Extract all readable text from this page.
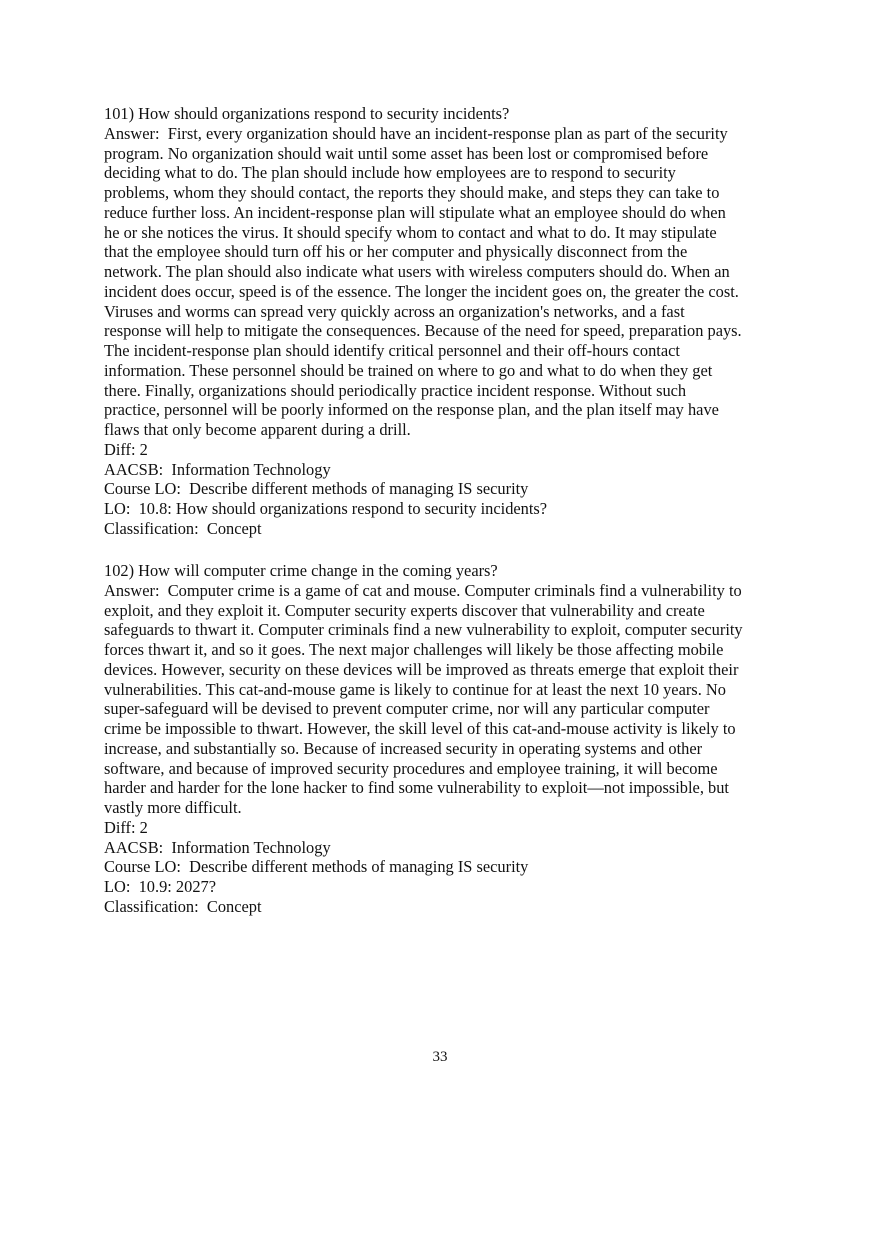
101) How should organizations respond to security incidents?
Answer:  First, every organization should have an incident-response plan as part of the security
program. No organization should wait until some asset has been lost or compromised before
deciding what to do. The plan should include how employees are to respond to security
problems, whom they should contact, the reports they should make, and steps they can take to
reduce further loss. An incident-response plan will stipulate what an employee should do when
he or she notices the virus. It should specify whom to contact and what to do. It may stipulate
that the employee should turn off his or her computer and physically disconnect from the
network. The plan should also indicate what users with wireless computers should do. When an
incident does occur, speed is of the essence. The longer the incident goes on, the greater the cost.
Viruses and worms can spread very quickly across an organization's networks, and a fast
response will help to mitigate the consequences. Because of the need for speed, preparation pays.
The incident-response plan should identify critical personnel and their off-hours contact
information. These personnel should be trained on where to go and what to do when they get
there. Finally, organizations should periodically practice incident response. Without such
practice, personnel will be poorly informed on the response plan, and the plan itself may have
flaws that only become apparent during a drill.
Diff: 2
AACSB:  Information Technology
Course LO:  Describe different methods of managing IS security
LO:  10.8: How should organizations respond to security incidents?
Classification:  Concept
102) How will computer crime change in the coming years?
Answer:  Computer crime is a game of cat and mouse. Computer criminals find a vulnerability to
exploit, and they exploit it. Computer security experts discover that vulnerability and create
safeguards to thwart it. Computer criminals find a new vulnerability to exploit, computer security
forces thwart it, and so it goes. The next major challenges will likely be those affecting mobile
devices. However, security on these devices will be improved as threats emerge that exploit their
vulnerabilities. This cat-and-mouse game is likely to continue for at least the next 10 years. No
super-safeguard will be devised to prevent computer crime, nor will any particular computer
crime be impossible to thwart. However, the skill level of this cat-and-mouse activity is likely to
increase, and substantially so. Because of increased security in operating systems and other
software, and because of improved security procedures and employee training, it will become
harder and harder for the lone hacker to find some vulnerability to exploit—not impossible, but
vastly more difficult.
Diff: 2
AACSB:  Information Technology
Course LO:  Describe different methods of managing IS security
LO:  10.9: 2027?
Classification:  Concept
33
